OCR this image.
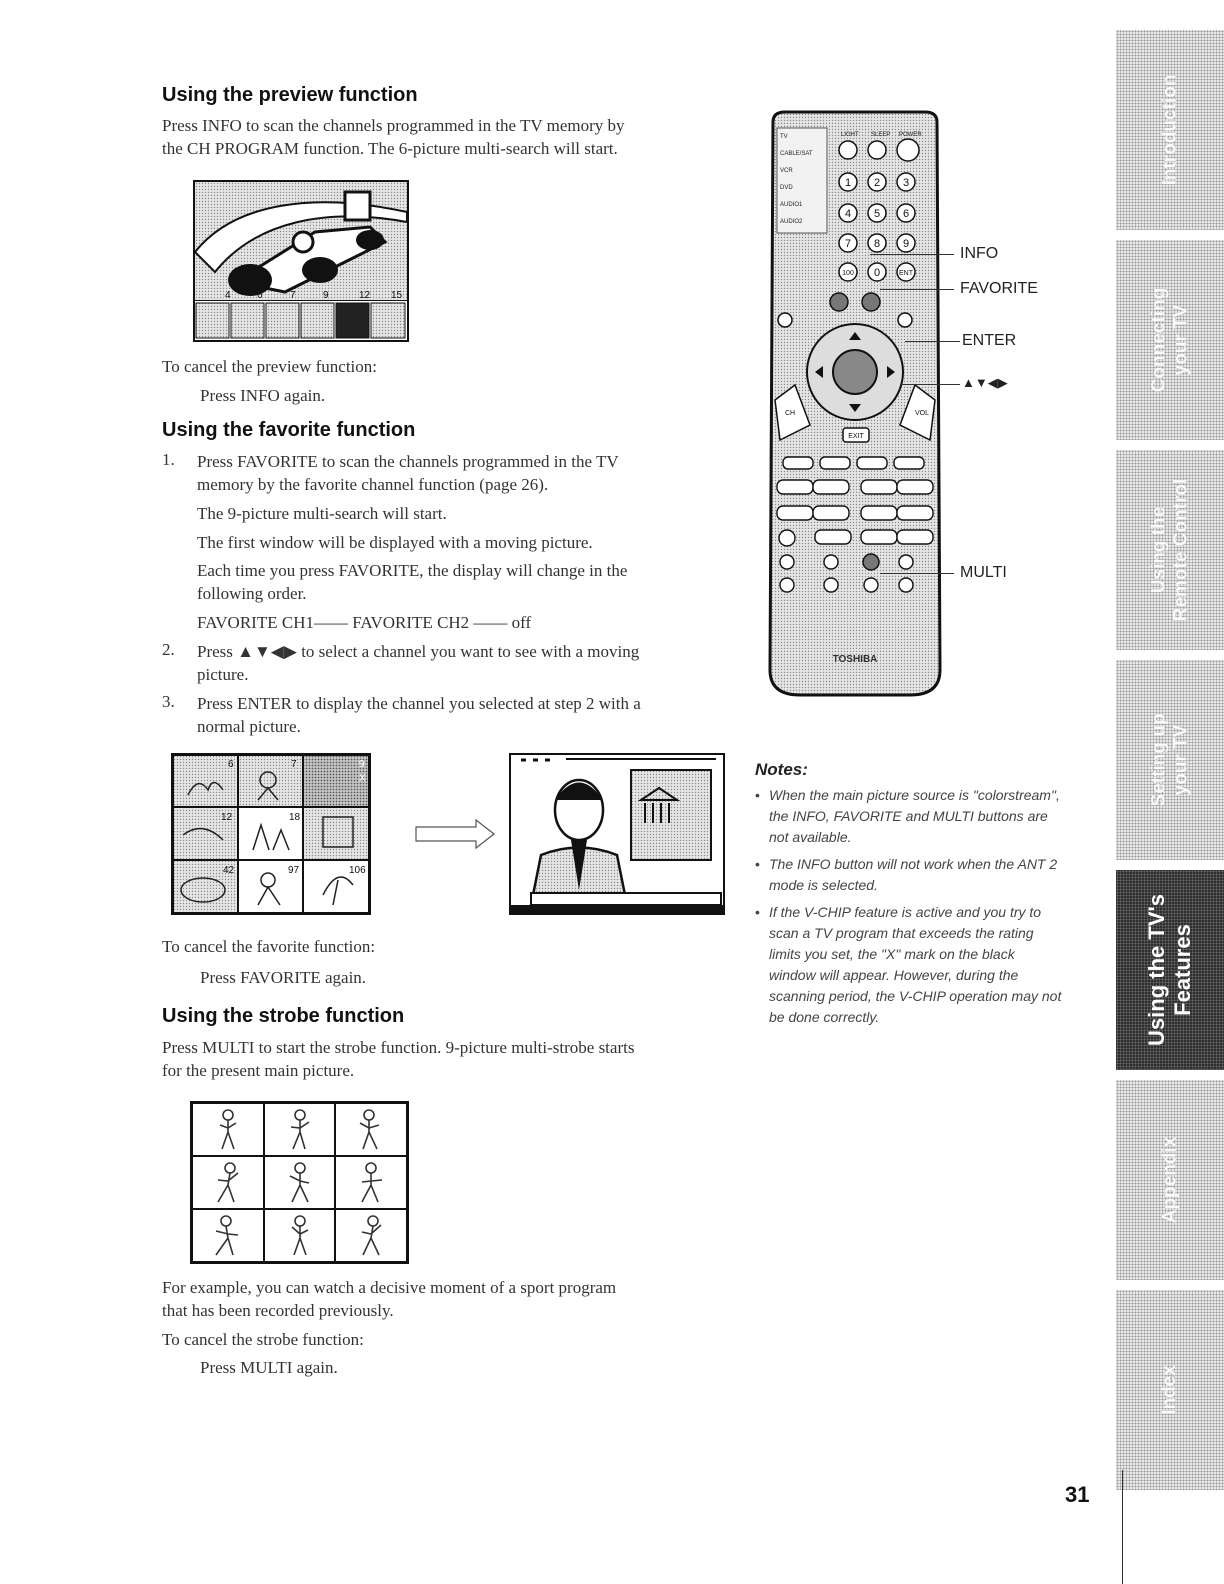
Using the preview function
Press INFO to scan the channels programmed in the TV memory by
the CH PROGRAM function. The 6-picture multi-search will start.
4	6	7	9	12 15
To cancel the preview function:
Press INFO again.
Using the favorite function
1. Press FAVORITE to scan the channels programmed in the TV
memory by the favorite channel function (page 26).
The 9-picture multi-search will start.
The first window will be displayed with a moving picture.
Each time you press FAVORITE, the display will change in the
following order.
FAVORITE CH1—— FAVORITE CH2 —— off
2. Press ▲▼◀▶ to select a channel you want to see with a moving
picture.
3. Press ENTER to display the channel you selected at step 2 with a
normal picture.
6	7	9
X
12	18
42	97	106
To cancel the favorite function:
Press FAVORITE again.
Using the strobe function
Press MULTI to start the strobe function. 9-picture multi-strobe starts
for the present main picture.
For example, you can watch a decisive moment of a sport program
that has been recorded previously.
To cancel the strobe function:
Press MULTI again.
TV
CABLE/SAT
VCR
DVD
AUDIO1
AUDIO2
LIGHT SLEEP POWER
1 2 3
4 5 6
7 8 9
100 0	ENT
CH	VOL
EXIT
TOSHIBA
INFO
FAVORITE
ENTER
▲▼◀▶
MULTI
Notes:
• When the main picture source is "colorstream", the INFO, FAVORITE and MULTI buttons are not available.
• The INFO button will not work when the ANT 2 mode is selected.
• If the V-CHIP feature is active and you try to scan a TV program that exceeds the rating limits you set, the "X" mark on the black window will appear. However, during the scanning period, the V-CHIP operation may not be done correctly.
Introduction
Connecting
your TV
Using the
Remote Control
Setting up
your TV
Using the TV's
Features
Appendix
Index
31
